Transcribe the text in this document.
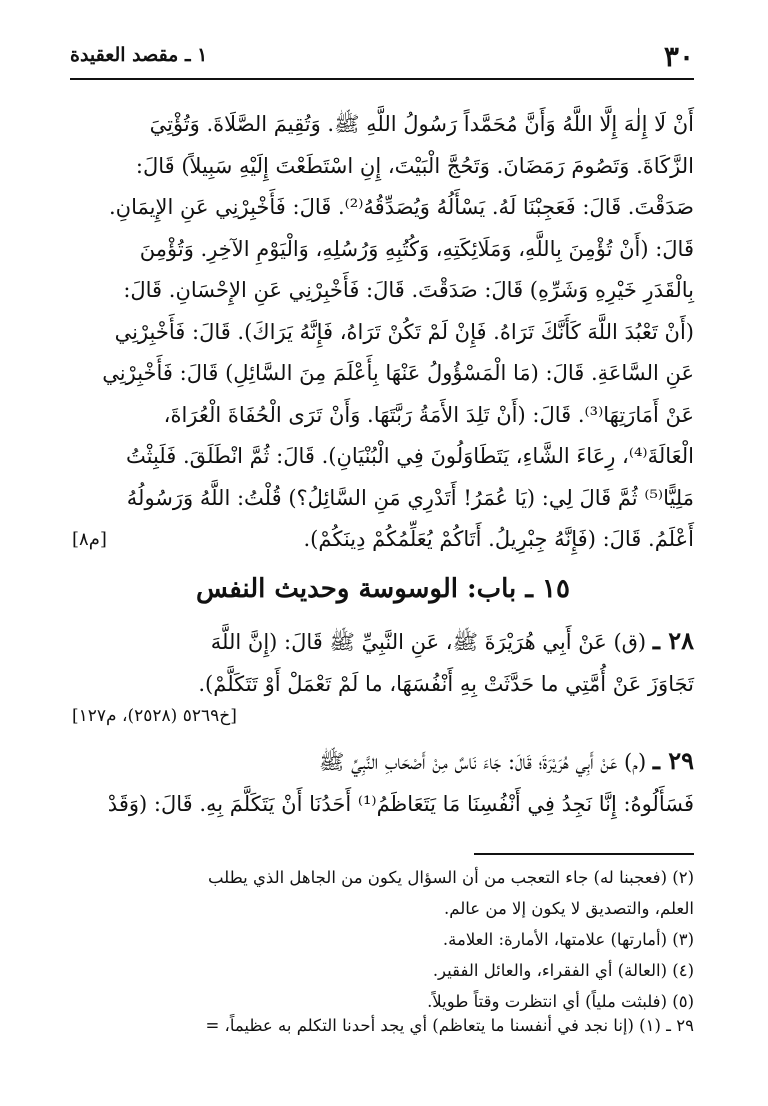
٣٠
١ ـ مقصد العقيدة

أَنْ لَا إِلٰهَ إِلَّا اللَّهُ وَأَنَّ مُحَمَّداً رَسُولُ اللَّهِ ﷺ. وَتُقِيمَ الصَّلَاةَ. وَتُؤْتِيَ

الزَّكَاةَ. وَتَصُومَ رَمَضَانَ. وَتَحُجَّ الْبَيْتَ، إِنِ اسْتَطَعْتَ إِلَيْهِ سَبِيلاً) قَالَ:

صَدَقْتَ. قَالَ: فَعَجِبْنَا لَهُ. يَسْأَلُهُ وَيُصَدِّقُهُ⁽²⁾. قَالَ: فَأَخْبِرْنِي عَنِ الإِيمَانِ.

قَالَ: (أَنْ تُؤْمِنَ بِاللَّهِ، وَمَلَائِكَتِهِ، وَكُتُبِهِ وَرُسُلِهِ، وَالْيَوْمِ الآخِرِ. وَتُؤْمِنَ

بِالْقَدَرِ خَيْرِهِ وَشَرِّهِ) قَالَ: صَدَقْتَ. قَالَ: فَأَخْبِرْنِي عَنِ الإِحْسَانِ. قَالَ:

(أَنْ تَعْبُدَ اللَّهَ كَأَنَّكَ تَرَاهُ. فَإِنْ لَمْ تَكُنْ تَرَاهُ، فَإِنَّهُ يَرَاكَ). قَالَ: فَأَخْبِرْنِي

عَنِ السَّاعَةِ. قَالَ: (مَا الْمَسْؤُولُ عَنْهَا بِأَعْلَمَ مِنَ السَّائِلِ) قَالَ: فَأَخْبِرْنِي

عَنْ أَمَارَتِهَا⁽³⁾. قَالَ: (أَنْ تَلِدَ الأَمَةُ رَبَّتَهَا. وَأَنْ تَرَى الْحُفَاةَ الْعُرَاةَ،

الْعَالَةَ⁽⁴⁾، رِعَاءَ الشَّاءِ، يَتَطَاوَلُونَ فِي الْبُنْيَانِ). قَالَ: ثُمَّ انْطَلَقَ. فَلَبِثْتُ

مَلِيًّا⁽⁵⁾ ثُمَّ قَالَ لِي: (يَا عُمَرُ! أَتَدْرِي مَنِ السَّائِلُ؟) قُلْتُ: اللَّهُ وَرَسُولُهُ

أَعْلَمُ. قَالَ: (فَإِنَّهُ جِبْرِيلُ. أَتَاكُمْ يُعَلِّمُكُمْ دِينَكُمْ).
[م٨]

١٥ ـ باب: الوسوسة وحديث النفس

٢٨ ـ (ق) عَنْ أَبِي هُرَيْرَةَ ﷺ، عَنِ النَّبِيِّ ﷺ قَالَ: (إِنَّ اللَّهَ

تَجَاوَزَ عَنْ أُمَّتِي ما حَدَّثَتْ بِهِ أَنْفُسَهَا، ما لَمْ تَعْمَلْ أَوْ تَتَكَلَّمْ).

[خ٥٢٦٩ (٢٥٢٨)، م١٢٧]

٢٩ ـ (م) عَنْ أَبِي هُرَيْرَةَ؛ قَالَ: جَاءَ نَاسٌ مِنْ أَصْحَابِ النَّبِيِّ ﷺ

فَسَأَلُوهُ: إِنَّا نَجِدُ فِي أَنْفُسِنَا مَا يَتَعَاظَمُ⁽¹⁾ أَحَدُنَا أَنْ يَتَكَلَّمَ بِهِ. قَالَ: (وَقَدْ

(٢) (فعجبنا له) جاء التعجب من أن السؤال يكون من الجاهل الذي يطلب

العلم، والتصديق لا يكون إلا من عالم.

(٣) (أمارتها) علامتها، الأمارة: العلامة.

(٤) (العالة) أي الفقراء، والعائل الفقير.

(٥) (فلبثت ملياً) أي انتظرت وقتاً طويلاً.

٢٩ ـ (١) (إنا نجد في أنفسنا ما يتعاظم) أي يجد أحدنا التكلم به عظيماً، =
